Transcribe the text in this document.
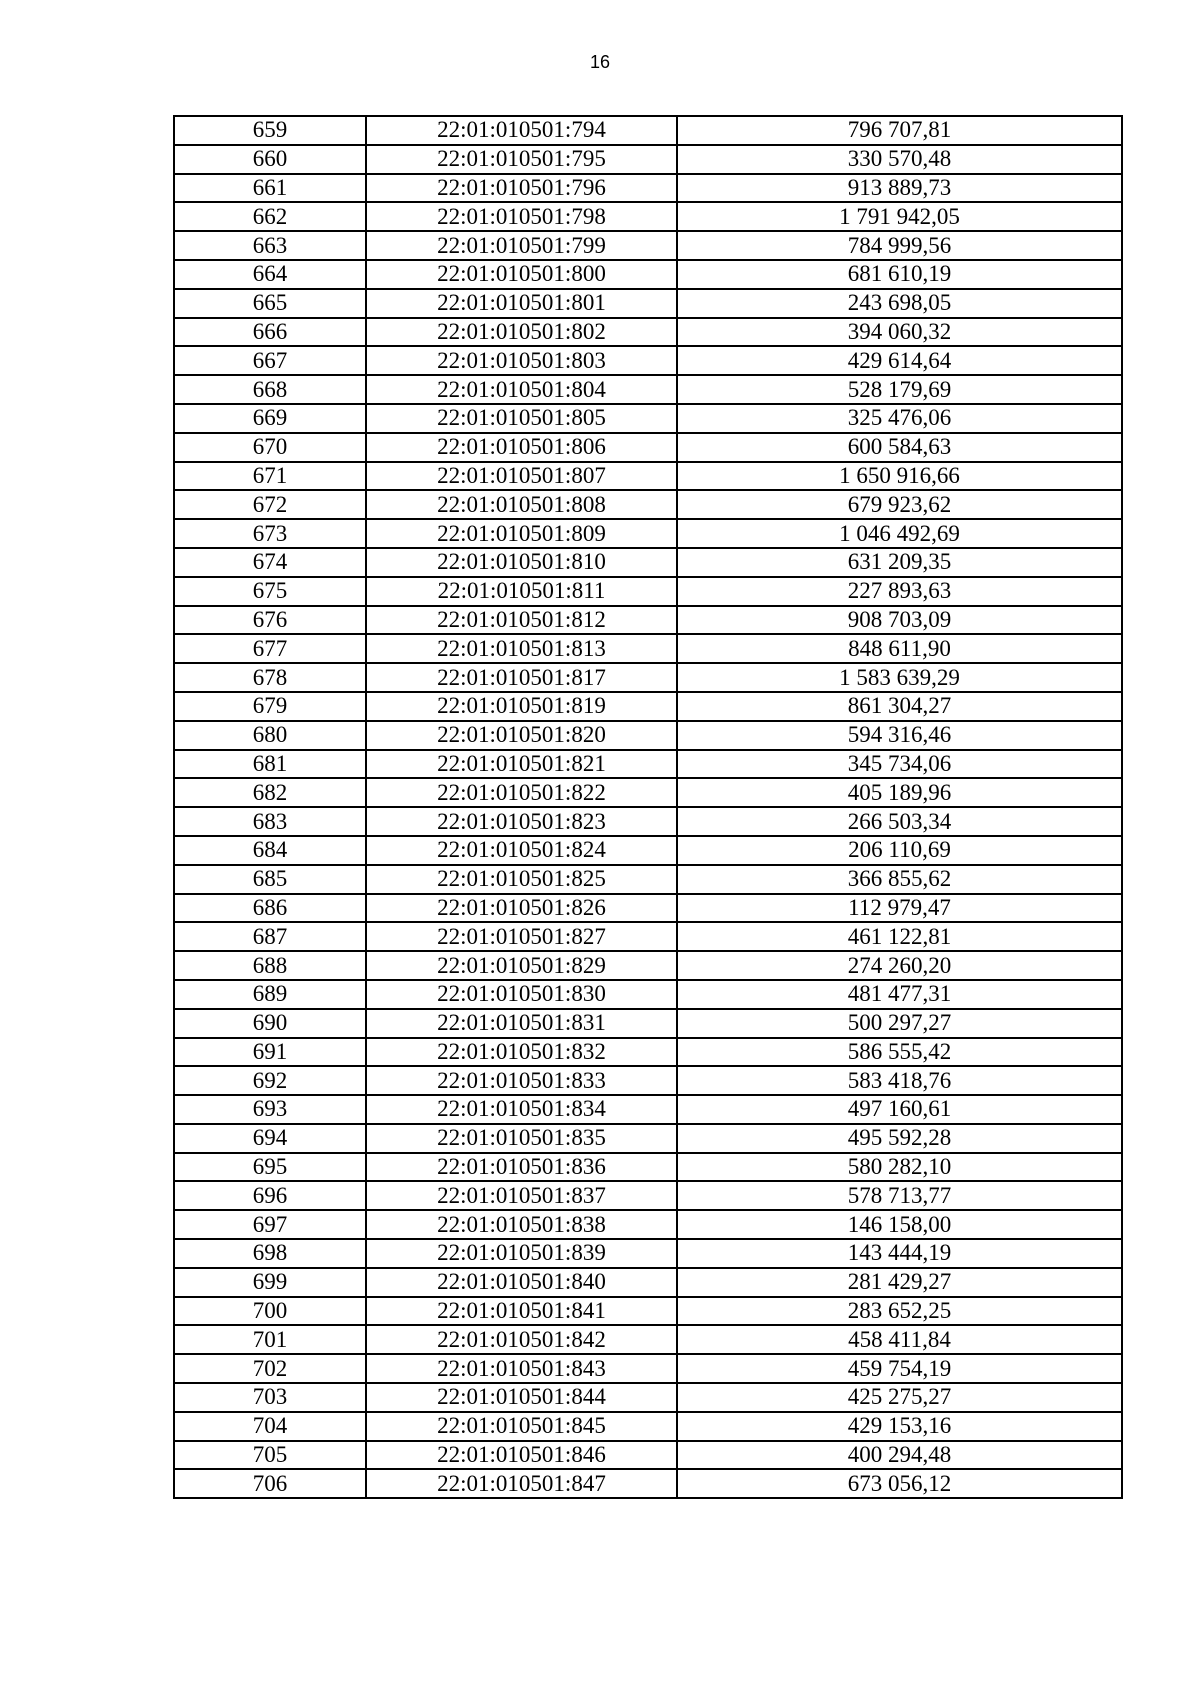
16
659	22:01:010501:794	796 707,81
660	22:01:010501:795	330 570,48
661	22:01:010501:796	913 889,73
662	22:01:010501:798	1 791 942,05
663	22:01:010501:799	784 999,56
664	22:01:010501:800	681 610,19
665	22:01:010501:801	243 698,05
666	22:01:010501:802	394 060,32
667	22:01:010501:803	429 614,64
668	22:01:010501:804	528 179,69
669	22:01:010501:805	325 476,06
670	22:01:010501:806	600 584,63
671	22:01:010501:807	1 650 916,66
672	22:01:010501:808	679 923,62
673	22:01:010501:809	1 046 492,69
674	22:01:010501:810	631 209,35
675	22:01:010501:811	227 893,63
676	22:01:010501:812	908 703,09
677	22:01:010501:813	848 611,90
678	22:01:010501:817	1 583 639,29
679	22:01:010501:819	861 304,27
680	22:01:010501:820	594 316,46
681	22:01:010501:821	345 734,06
682	22:01:010501:822	405 189,96
683	22:01:010501:823	266 503,34
684	22:01:010501:824	206 110,69
685	22:01:010501:825	366 855,62
686	22:01:010501:826	112 979,47
687	22:01:010501:827	461 122,81
688	22:01:010501:829	274 260,20
689	22:01:010501:830	481 477,31
690	22:01:010501:831	500 297,27
691	22:01:010501:832	586 555,42
692	22:01:010501:833	583 418,76
693	22:01:010501:834	497 160,61
694	22:01:010501:835	495 592,28
695	22:01:010501:836	580 282,10
696	22:01:010501:837	578 713,77
697	22:01:010501:838	146 158,00
698	22:01:010501:839	143 444,19
699	22:01:010501:840	281 429,27
700	22:01:010501:841	283 652,25
701	22:01:010501:842	458 411,84
702	22:01:010501:843	459 754,19
703	22:01:010501:844	425 275,27
704	22:01:010501:845	429 153,16
705	22:01:010501:846	400 294,48
706	22:01:010501:847	673 056,12
